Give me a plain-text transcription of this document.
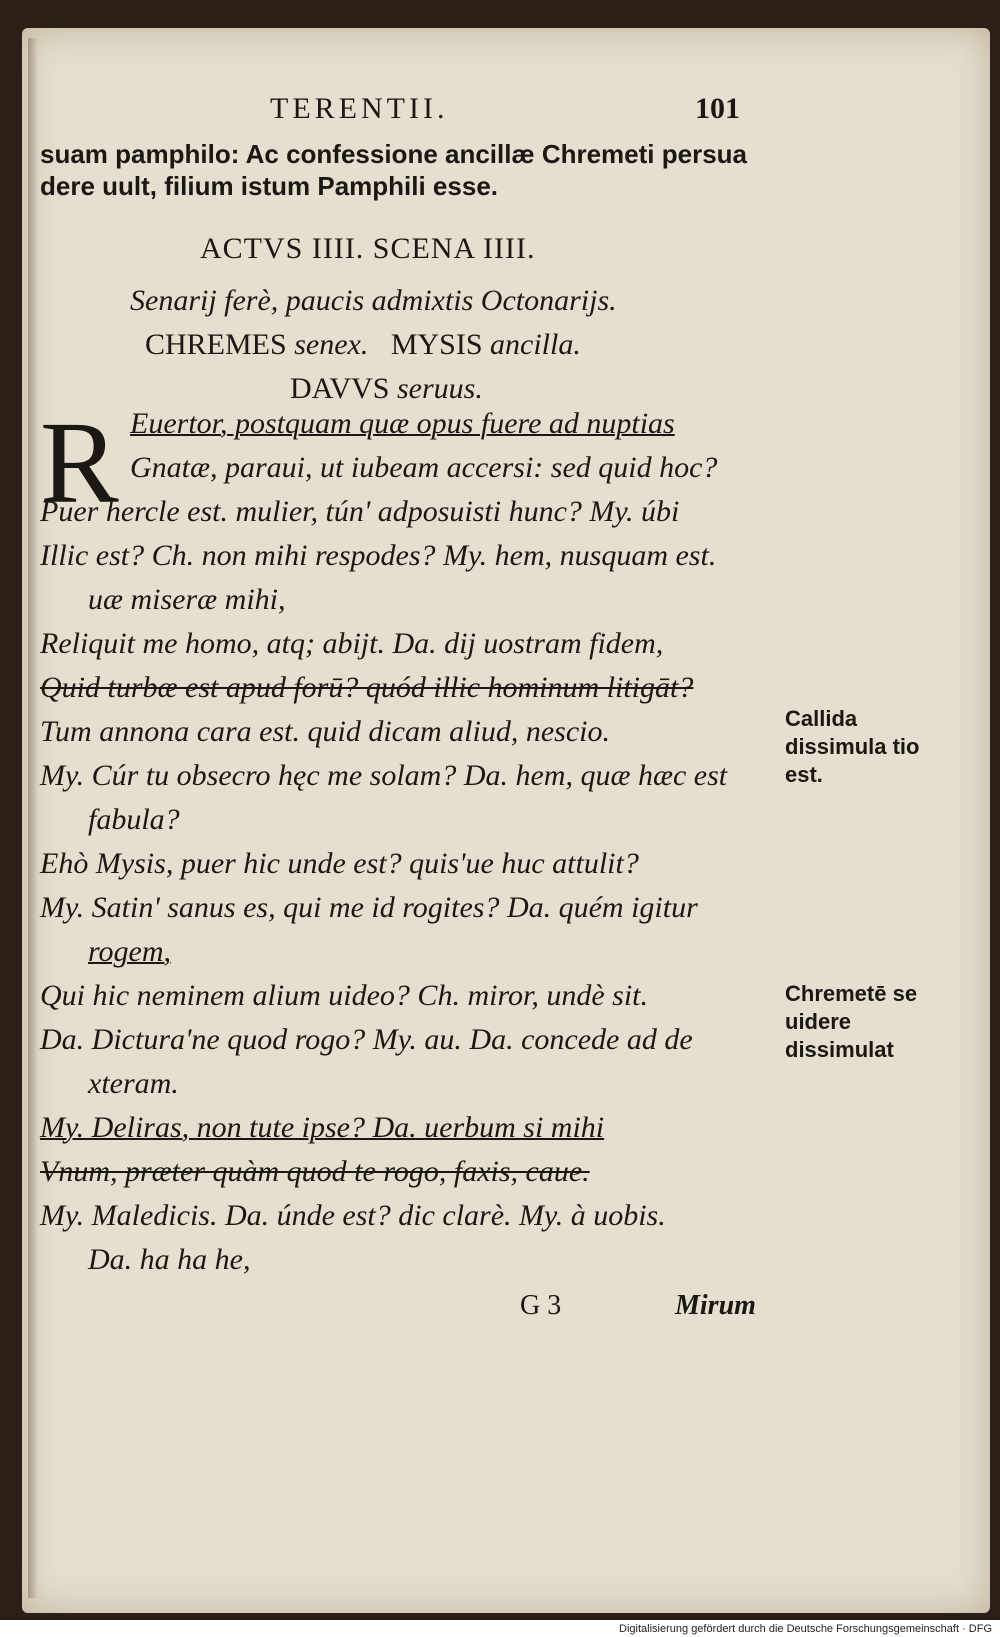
TERENTII.	101
suam pamphilo: Ac confessione ancillæ Chremeti persua
dere uult, filium istum Pamphili esse.
ACTVS IIII. SCENA IIII.
Senarij ferè, paucis admixtis Octonarijs.
CHREMES senex. MYSIS ancilla.
DAVVS seruus.
R Euertor, postquam quæ opus fuere ad nuptias
Gnatæ, paraui, ut iubeam accersi: sed quid hoc?
Puer hercle est. mulier, tún' adposuisti hunc? My. úbi
Illic est? Ch. non mihi respodes? My. hem, nusquam est.
uæ miseræ mihi,
Reliquit me homo, atq; abijt. Da. dij uostram fidem,
Quid turbæ est apud forū? quód illic hominum litigāt?
Tum annona cara est. quid dicam aliud, nescio.
My. Cúr tu obsecro hęc me solam? Da. hem, quæ hæc est
fabula?
Ehò Mysis, puer hic unde est? quis'ue huc attulit?
My. Satin' sanus es, qui me id rogites? Da. quém igitur
rogem,
Qui hic neminem alium uideo? Ch. miror, undè sit.
Da. Dictura'ne quod rogo? My. au. Da. concede ad de
xteram.
My. Deliras, non tute ipse? Da. uerbum si mihi
Vnum, præter quàm quod te rogo, faxis, caue.
My. Maledicis. Da. únde est? dic clarè. My. à uobis.
Da. ha ha he,
Callida dissimula tio est.
Chremetē se uidere dissimulat
G 3	Mirum
Digitalisierung gefördert durch die Deutsche Forschungsgemeinschaft · DFG
